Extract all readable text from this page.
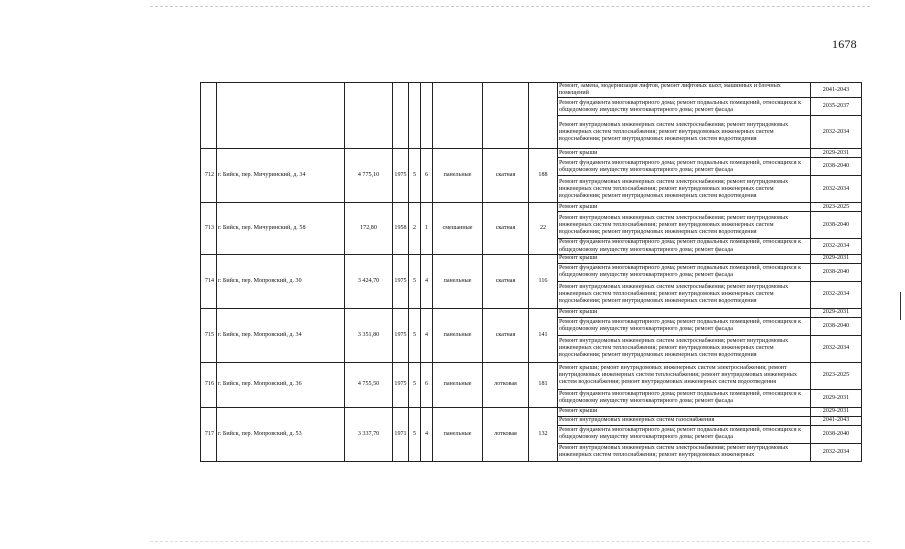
1678
									Ремонт, замена, модернизация лифтов, ремонт лифтовых шахт, машинных и блочных помещений	2041-2043
									Ремонт фундамента многоквартирного дома; ремонт подвальных помещений, относящихся к общедомовому имуществу многоквартирного дома; ремонт фасада	2035-2037
									Ремонт внутридомовых инженерных систем электроснабжения; ремонт внутридомовых инженерных систем теплоснабжения; ремонт внутридомовых инженерных систем водоснабжения; ремонт внутридомовых инженерных систем водоотведения	2032-2034
712	г. Бийск, пер. Мичуринский, д. 34	4 775,10	1975	5	6	панельные	скатная	188	Ремонт крыши	2029-2031
									Ремонт фундамента многоквартирного дома; ремонт подвальных помещений, относящихся к общедомовому имуществу многоквартирного дома; ремонт фасада	2038-2040
									Ремонт внутридомовых инженерных систем электроснабжения; ремонт внутридомовых инженерных систем теплоснабжения; ремонт внутридомовых инженерных систем водоснабжения; ремонт внутридомовых инженерных систем водоотведения	2032-2034
713	г. Бийск, пер. Мичуринский, д. 58	172,80	1958	2	1	смешанные	скатная	22	Ремонт крыши	2023-2025
									Ремонт внутридомовых инженерных систем электроснабжения; ремонт внутридомовых инженерных систем теплоснабжения; ремонт внутридомовых инженерных систем водоснабжения; ремонт внутридомовых инженерных систем водоотведения	2038-2040
									Ремонт фундамента многоквартирного дома; ремонт подвальных помещений, относящихся к общедомовому имуществу многоквартирного дома; ремонт фасада	2032-2034
714	г. Бийск, пер. Мопровский, д. 30	3 424,70	1975	5	4	панельные	скатная	116	Ремонт крыши	2029-2031
									Ремонт фундамента многоквартирного дома; ремонт подвальных помещений, относящихся к общедомовому имуществу многоквартирного дома; ремонт фасада	2038-2040
									Ремонт внутридомовых инженерных систем электроснабжения; ремонт внутридомовых инженерных систем теплоснабжения; ремонт внутридомовых инженерных систем водоснабжения; ремонт внутридомовых инженерных систем водоотведения	2032-2034
715	г. Бийск, пер. Мопровский, д. 34	3 351,80	1975	5	4	панельные	скатная	141	Ремонт крыши	2029-2031
									Ремонт фундамента многоквартирного дома; ремонт подвальных помещений, относящихся к общедомовому имуществу многоквартирного дома; ремонт фасада	2038-2040
									Ремонт внутридомовых инженерных систем электроснабжения; ремонт внутридомовых инженерных систем теплоснабжения; ремонт внутридомовых инженерных систем водоснабжения; ремонт внутридомовых инженерных систем водоотведения	2032-2034
716	г. Бийск, пер. Мопровский, д. 36	4 755,50	1975	5	6	панельные	лотковая	181	Ремонт крыши; ремонт внутридомовых инженерных систем электроснабжения; ремонт внутридомовых инженерных систем теплоснабжения; ремонт внутридомовых инженерных систем водоснабжения; ремонт внутридомовых инженерных систем водоотведения	2023-2025
									Ремонт фундамента многоквартирного дома; ремонт подвальных помещений, относящихся к общедомовому имуществу многоквартирного дома; ремонт фасада	2029-2031
717	г. Бийск, пер. Мопровский, д. 53	3 337,70	1971	5	4	панельные	лотковая	132	Ремонт крыши	2029-2031
									Ремонт внутридомовых инженерных систем газоснабжения	2041-2043
									Ремонт фундамента многоквартирного дома; ремонт подвальных помещений, относящихся к общедомовому имуществу многоквартирного дома; ремонт фасада	2038-2040
									Ремонт внутридомовых инженерных систем электроснабжения; ремонт внутридомовых инженерных систем теплоснабжения; ремонт внутридомовых инженерных	2032-2034
